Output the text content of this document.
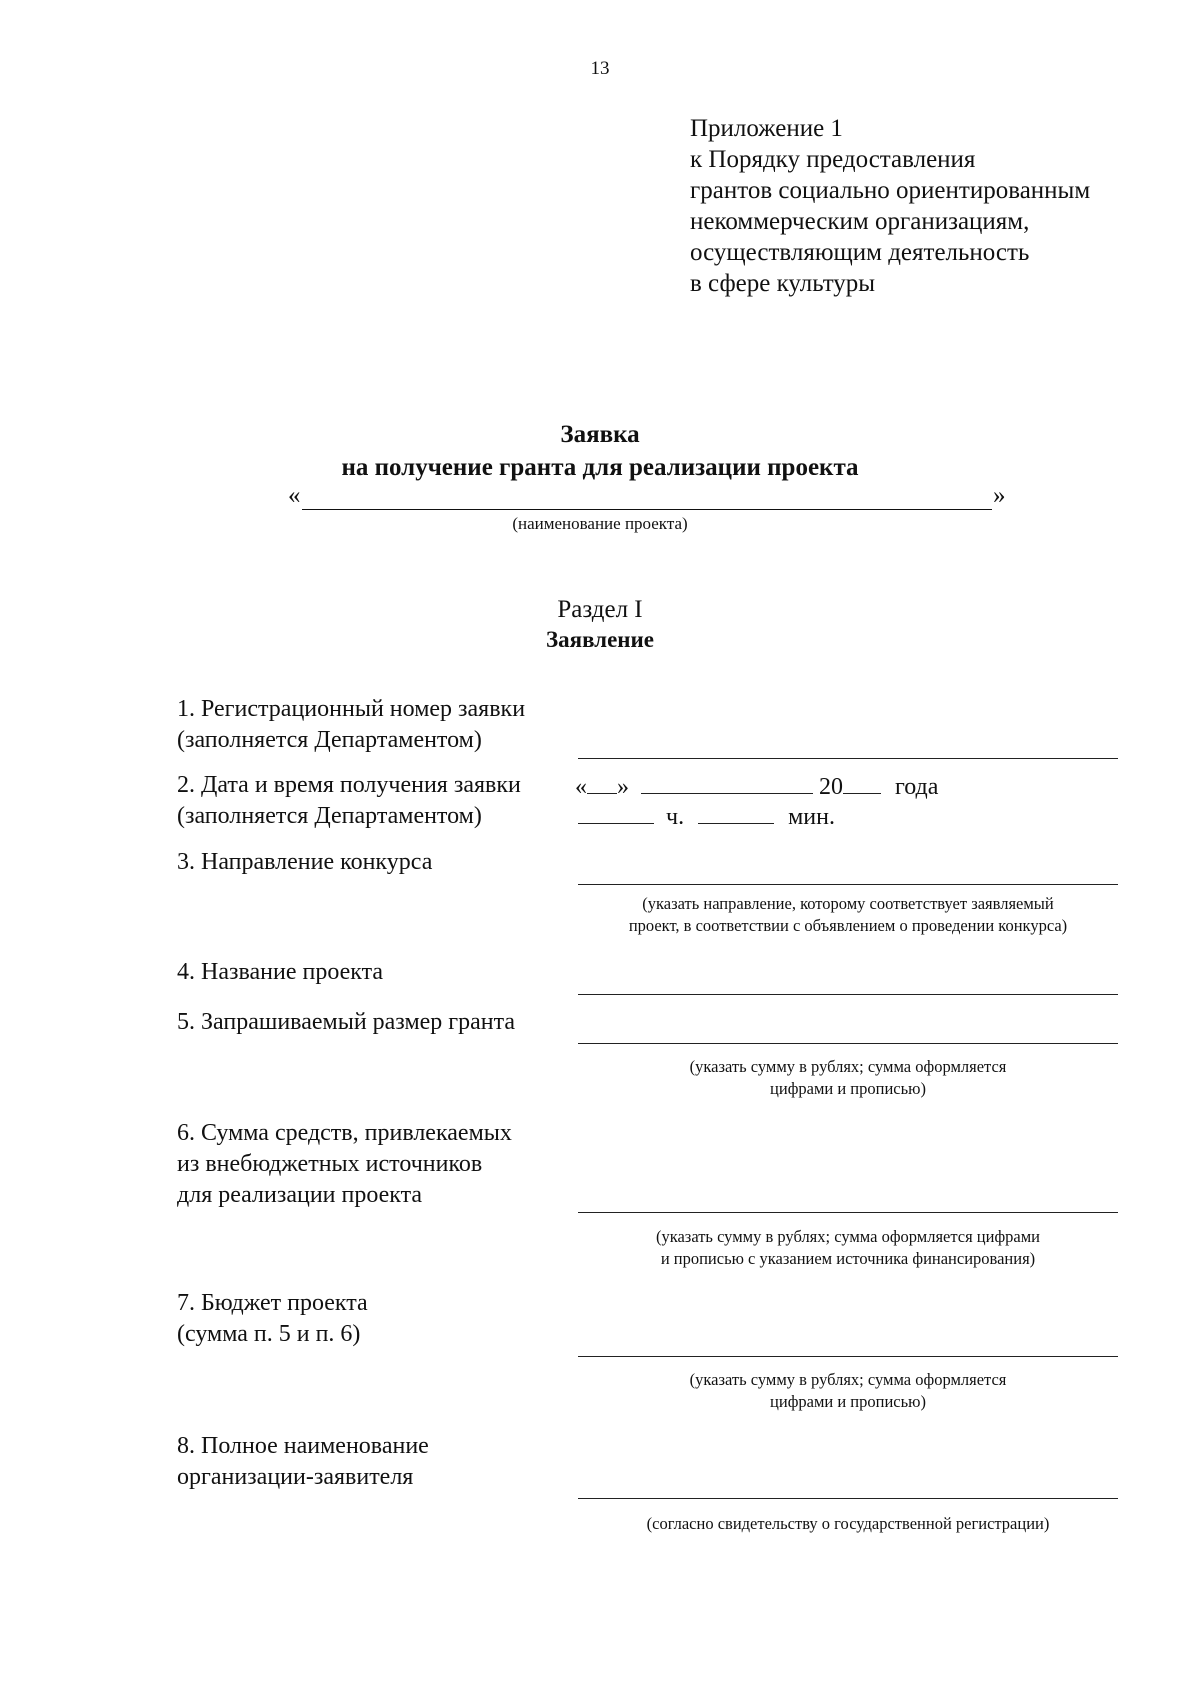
13
Приложение 1
к Порядку предоставления
грантов социально ориентированным
некоммерческим организациям,
осуществляющим деятельность
в сфере культуры
Заявка
на получение гранта для реализации проекта
«	»
(наименование проекта)
Раздел I
Заявление
1. Регистрационный номер заявки
(заполняется Департаментом)
2. Дата и время получения заявки
(заполняется Департаментом)
« »	20 года
ч.	мин.
3. Направление конкурса
(указать направление, которому соответствует заявляемый
проект, в соответствии с объявлением о проведении конкурса)
4. Название проекта
5. Запрашиваемый размер гранта
(указать сумму в рублях; сумма оформляется
цифрами и прописью)
6. Сумма средств, привлекаемых
из внебюджетных источников
для реализации проекта
(указать сумму в рублях; сумма оформляется цифрами
и прописью с указанием источника финансирования)
7. Бюджет проекта
(сумма п. 5 и п. 6)
(указать сумму в рублях; сумма оформляется
цифрами и прописью)
8. Полное наименование
организации-заявителя
(согласно свидетельству о государственной регистрации)
